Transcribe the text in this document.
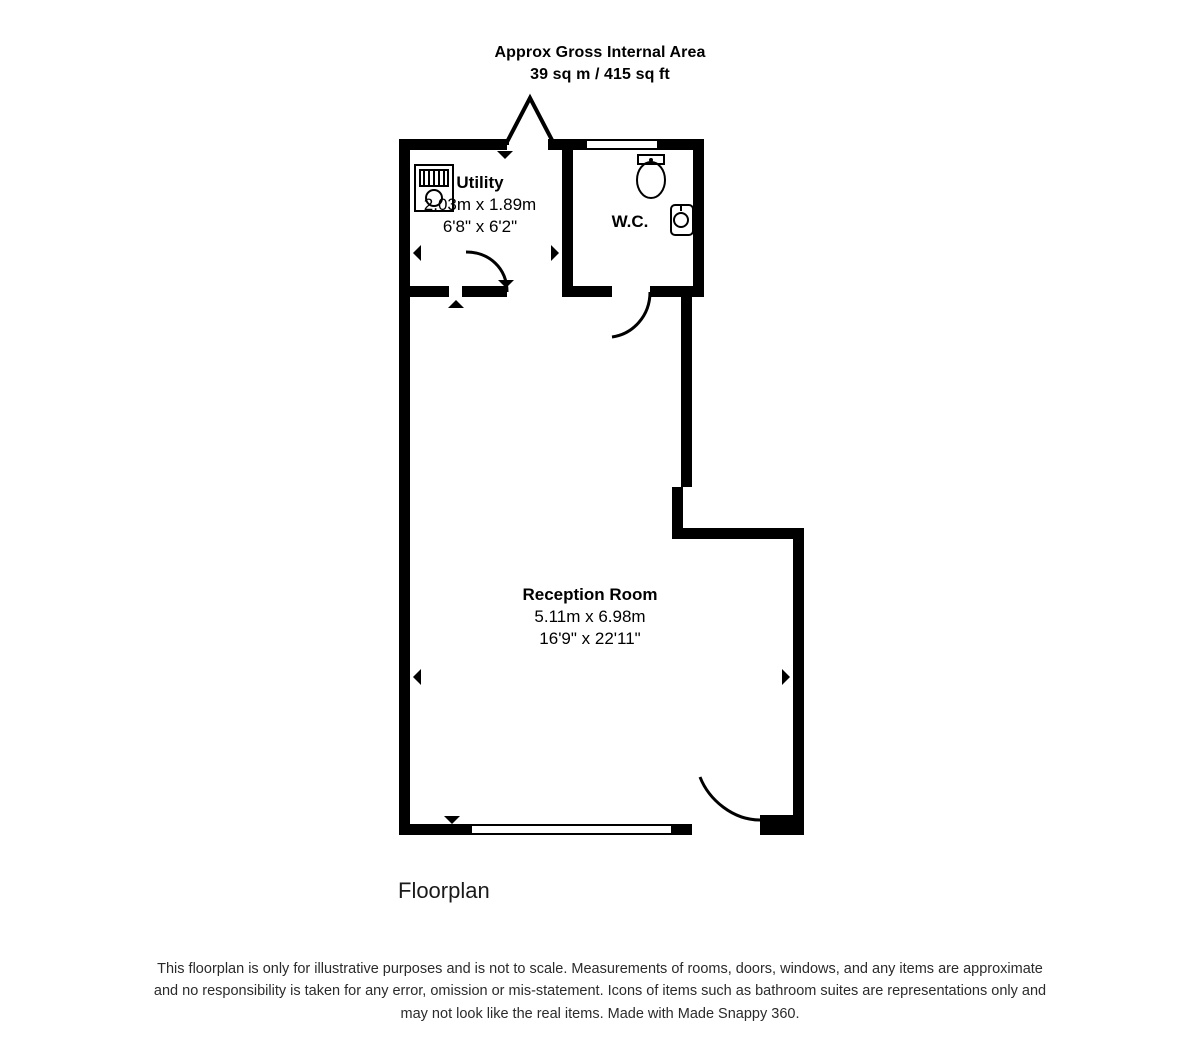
Approx Gross Internal Area
39 sq m / 415 sq ft
Utility
2.03m x 1.89m
6'8" x 6'2"	W.C.
Reception Room
5.11m x 6.98m
16'9" x 22'11"
Floorplan
This floorplan is only for illustrative purposes and is not to scale. Measurements of rooms, doors, windows, and any items are approximate
and no responsibility is taken for any error, omission or mis-statement. Icons of items such as bathroom suites are representations only and
may not look like the real items. Made with Made Snappy 360.
